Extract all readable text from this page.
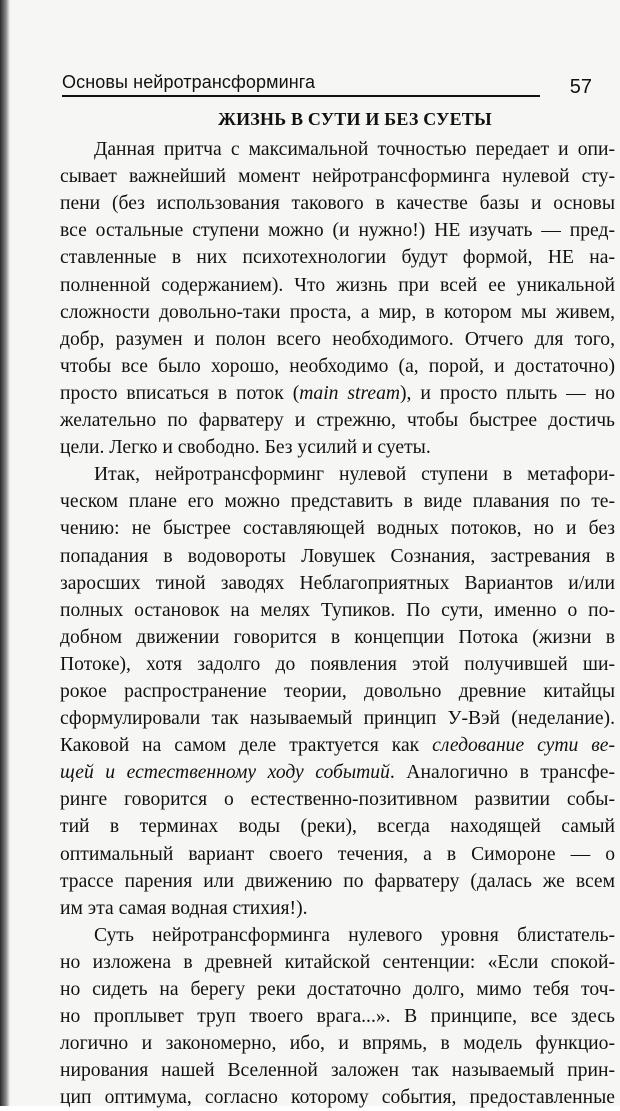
Основы нейротрансформинга	57
ЖИЗНЬ В СУТИ И БЕЗ СУЕТЫ
Данная притча с максимальной точностью передает и опи-
сывает важнейший момент нейротрансформинга нулевой сту-
пени (без использования такового в качестве базы и основы
все остальные ступени можно (и нужно!) НЕ изучать — пред-
ставленные в них психотехнологии будут формой, НЕ на-
полненной содержанием). Что жизнь при всей ее уникальной
сложности довольно-таки проста, а мир, в котором мы живем,
добр, разумен и полон всего необходимого. Отчего для того,
чтобы все было хорошо, необходимо (а, порой, и достаточно)
просто вписаться в поток (main stream), и просто плыть — но
желательно по фарватеру и стрежню, чтобы быстрее достичь
цели. Легко и свободно. Без усилий и суеты.
Итак, нейротрансформинг нулевой ступени в метафори-
ческом плане его можно представить в виде плавания по те-
чению: не быстрее составляющей водных потоков, но и без
попадания в водовороты Ловушек Сознания, застревания в
заросших тиной заводях Неблагоприятных Вариантов и/или
полных остановок на мелях Тупиков. По сути, именно о по-
добном движении говорится в концепции Потока (жизни в
Потоке), хотя задолго до появления этой получившей ши-
рокое распространение теории, довольно древние китайцы
сформулировали так называемый принцип У-Вэй (неделание).
Каковой на самом деле трактуется как следование сути ве-
щей и естественному ходу событий. Аналогично в трансфе-
ринге говорится о естественно-позитивном развитии собы-
тий в терминах воды (реки), всегда находящей самый
оптимальный вариант своего течения, а в Симороне — о
трассе парения или движению по фарватеру (далась же всем
им эта самая водная стихия!).
Суть нейротрансформинга нулевого уровня блистатель-
но изложена в древней китайской сентенции: «Если спокой-
но сидеть на берегу реки достаточно долго, мимо тебя точ-
но проплывет труп твоего врага...». В принципе, все здесь
логично и закономерно, ибо, и впрямь, в модель функцио-
нирования нашей Вселенной заложен так называемый прин-
цип оптимума, согласно которому события, предоставленные
